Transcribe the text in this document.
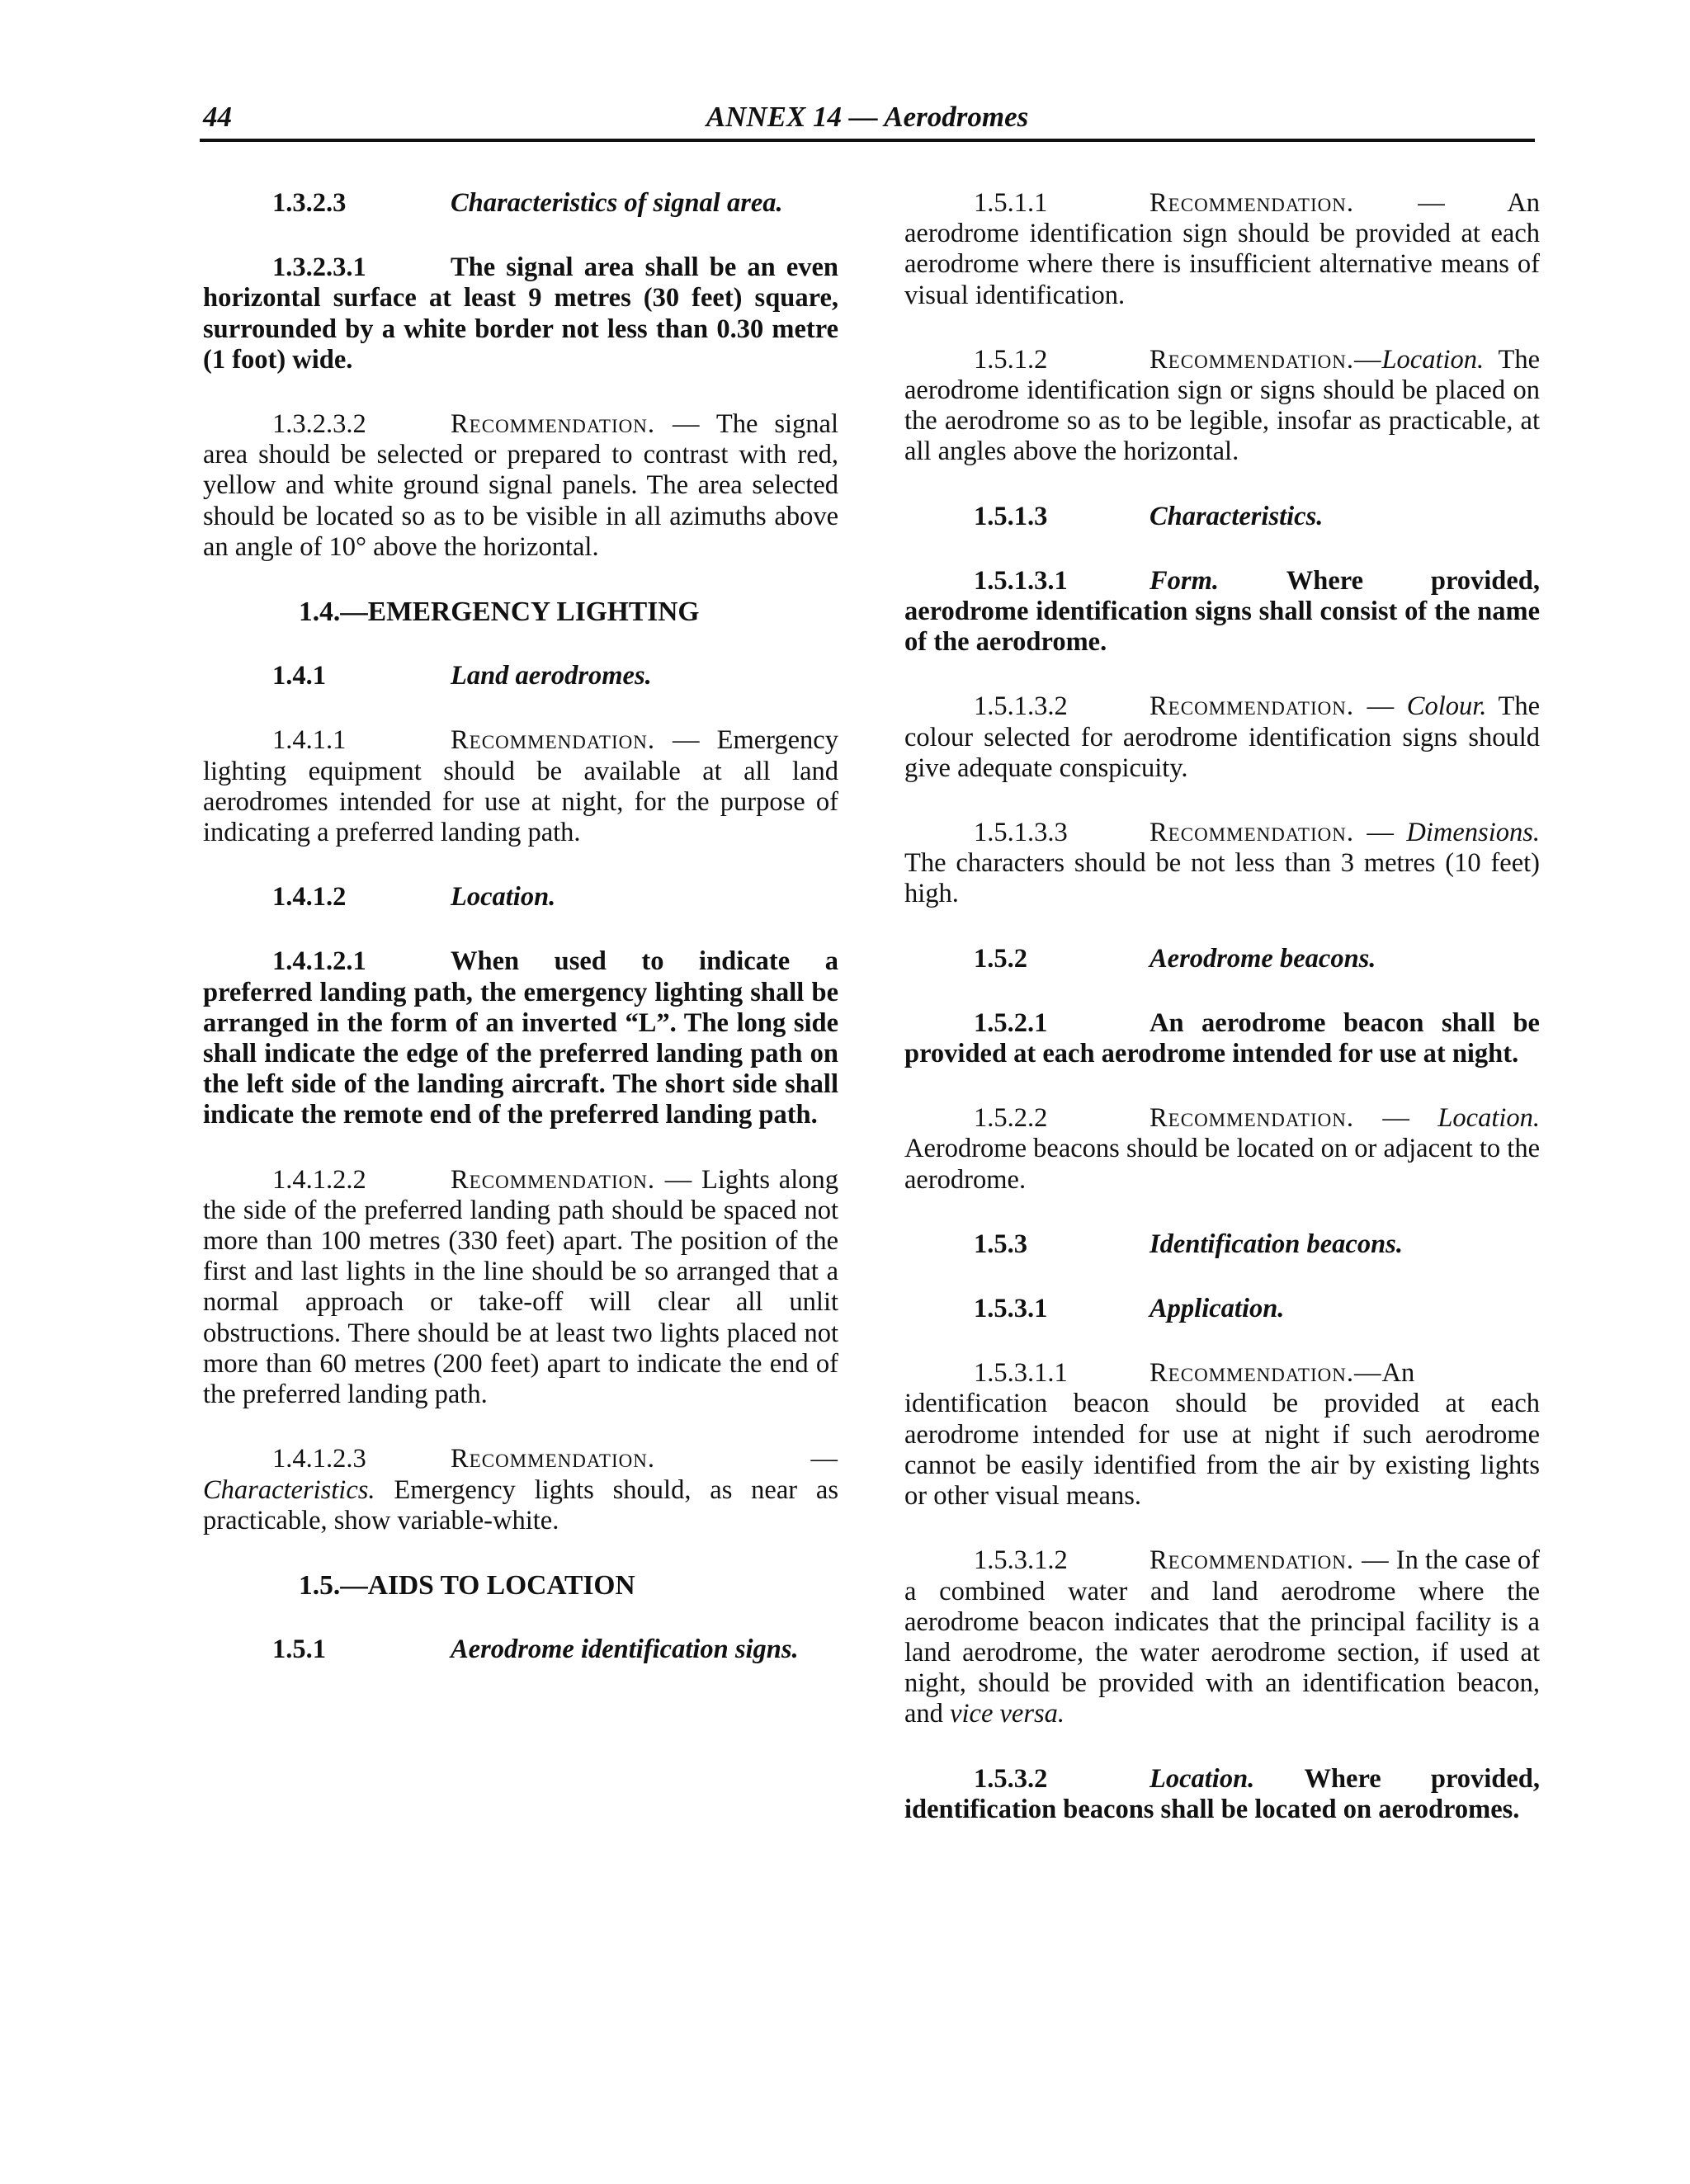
44	ANNEX 14 — Aerodromes

1.3.2.3	Characteristics of signal area.

1.3.2.3.1	The signal area shall be an even horizontal surface at least 9 metres (30 feet) square, surrounded by a white border not less than 0.30 metre (1 foot) wide.

1.3.2.3.2	Recommendation. — The signal area should be selected or prepared to contrast with red, yellow and white ground signal panels. The area selected should be located so as to be visible in all azimuths above an angle of 10° above the horizontal.

1.4.—EMERGENCY LIGHTING

1.4.1	Land aerodromes.

1.4.1.1	Recommendation. — Emergency lighting equipment should be available at all land aerodromes intended for use at night, for the purpose of indicating a preferred landing path.

1.4.1.2	Location.

1.4.1.2.1	When used to indicate a preferred landing path, the emergency lighting shall be arranged in the form of an inverted “L”. The long side shall indicate the edge of the preferred landing path on the left side of the landing aircraft. The short side shall indicate the remote end of the preferred landing path.

1.4.1.2.2	Recommendation. — Lights along the side of the preferred landing path should be spaced not more than 100 metres (330 feet) apart. The position of the first and last lights in the line should be so arranged that a normal approach or take-off will clear all unlit obstructions. There should be at least two lights placed not more than 60 metres (200 feet) apart to indicate the end of the preferred landing path.

1.4.1.2.3	Recommendation. — Characteristics. Emergency lights should, as near as practicable, show variable-white.

1.5.—AIDS TO LOCATION

1.5.1	Aerodrome identification signs.

1.5.1.1	Recommendation. — An aerodrome identification sign should be provided at each aerodrome where there is insufficient alternative means of visual identification.

1.5.1.2	Recommendation.—Location. The aerodrome identification sign or signs should be placed on the aerodrome so as to be legible, insofar as practicable, at all angles above the horizontal.

1.5.1.3	Characteristics.

1.5.1.3.1	Form.	Where provided, aerodrome identification signs shall consist of the name of the aerodrome.

1.5.1.3.2	Recommendation. — Colour. The colour selected for aerodrome identification signs should give adequate conspicuity.

1.5.1.3.3	Recommendation. — Dimensions. The characters should be not less than 3 metres (10 feet) high.

1.5.2	Aerodrome beacons.

1.5.2.1	An aerodrome beacon shall be provided at each aerodrome intended for use at night.

1.5.2.2	Recommendation. — Location. Aerodrome beacons should be located on or adjacent to the aerodrome.

1.5.3	Identification beacons.

1.5.3.1	Application.

1.5.3.1.1	Recommendation.—An identification beacon should be provided at each aerodrome intended for use at night if such aerodrome cannot be easily identified from the air by existing lights or other visual means.

1.5.3.1.2	Recommendation. — In the case of a combined water and land aerodrome where the aerodrome beacon indicates that the principal facility is a land aerodrome, the water aerodrome section, if used at night, should be provided with an identification beacon, and vice versa.

1.5.3.2	Location. Where provided, identification beacons shall be located on aerodromes.
